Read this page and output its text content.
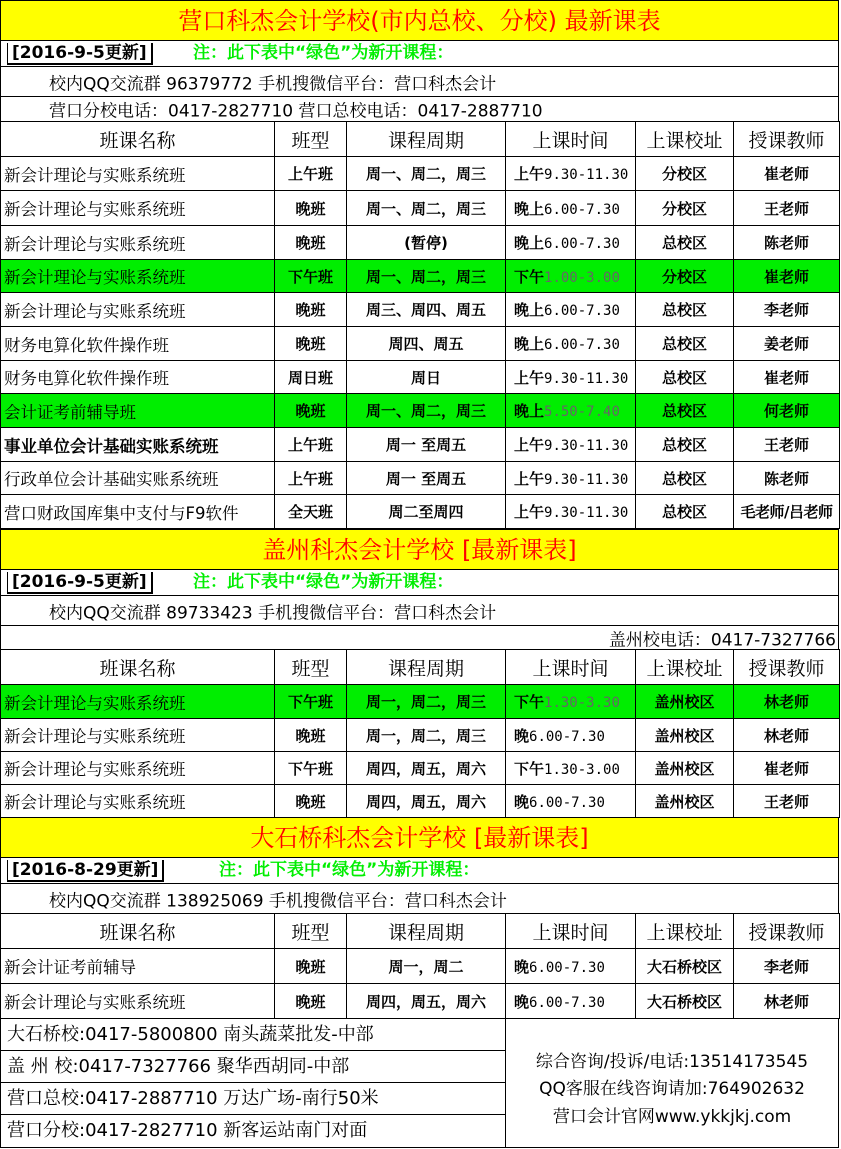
营口科杰会计学校(市内总校、分校) 最新课表
[2016-9-5更新]	注：此下表中“绿色”为新开课程：
校内QQ交流群 96379772 手机搜微信平台：营口科杰会计
营口分校电话：0417-2827710 营口总校电话：0417-2887710
班课名称	班型	课程周期	上课时间	上课校址	授课教师
新会计理论与实账系统班	上午班	周一、周二，周三	上午9.30-11.30	分校区	崔老师
新会计理论与实账系统班	晚班	周一、周二，周三	晚上6.00-7.30	分校区	王老师
新会计理论与实账系统班	晚班	(暂停)	晚上6.00-7.30	总校区	陈老师
新会计理论与实账系统班	下午班	周一、周二，周三	下午1.00-3.00	分校区	崔老师
新会计理论与实账系统班	晚班	周三、周四、周五	晚上6.00-7.30	总校区	李老师
财务电算化软件操作班	晚班	周四、周五	晚上6.00-7.30	总校区	姜老师
财务电算化软件操作班	周日班	周日	上午9.30-11.30	总校区	崔老师
会计证考前辅导班	晚班	周一、周二，周三	晚上5.50-7.40	总校区	何老师
事业单位会计基础实账系统班	上午班	周一 至周五	上午9.30-11.30	总校区	王老师
行政单位会计基础实账系统班	上午班	周一 至周五	上午9.30-11.30	总校区	陈老师
营口财政国库集中支付与F9软件	全天班	周二至周四	上午9.30-11.30	总校区	毛老师/吕老师
盖州科杰会计学校 [最新课表]
[2016-9-5更新]	注：此下表中“绿色”为新开课程：
校内QQ交流群 89733423 手机搜微信平台：营口科杰会计
盖州校电话：0417-7327766
班课名称	班型	课程周期	上课时间	上课校址	授课教师
新会计理论与实账系统班	下午班	周一，周二，周三	下午1.30-3.30	盖州校区	林老师
新会计理论与实账系统班	晚班	周一，周二，周三	晚6.00-7.30	盖州校区	林老师
新会计理论与实账系统班	下午班	周四，周五，周六	下午1.30-3.00	盖州校区	崔老师
新会计理论与实账系统班	晚班	周四，周五，周六	晚6.00-7.30	盖州校区	王老师
大石桥科杰会计学校 [最新课表]
[2016-8-29更新]	注：此下表中“绿色”为新开课程：
校内QQ交流群 138925069 手机搜微信平台：营口科杰会计
班课名称	班型	课程周期	上课时间	上课校址	授课教师
新会计证考前辅导	晚班	周一，周二	晚6.00-7.30	大石桥校区	李老师
新会计理论与实账系统班	晚班	周四，周五，周六	晚6.00-7.30	大石桥校区	林老师
大石桥校:0417-5800800 南头蔬菜批发-中部
盖 州 校:0417-7327766 聚华西胡同-中部
营口总校:0417-2887710 万达广场-南行50米
营口分校:0417-2827710 新客运站南门对面
综合咨询/投诉/电话:13514173545
QQ客服在线咨询请加:764902632
营口会计官网www.ykkjkj.com
